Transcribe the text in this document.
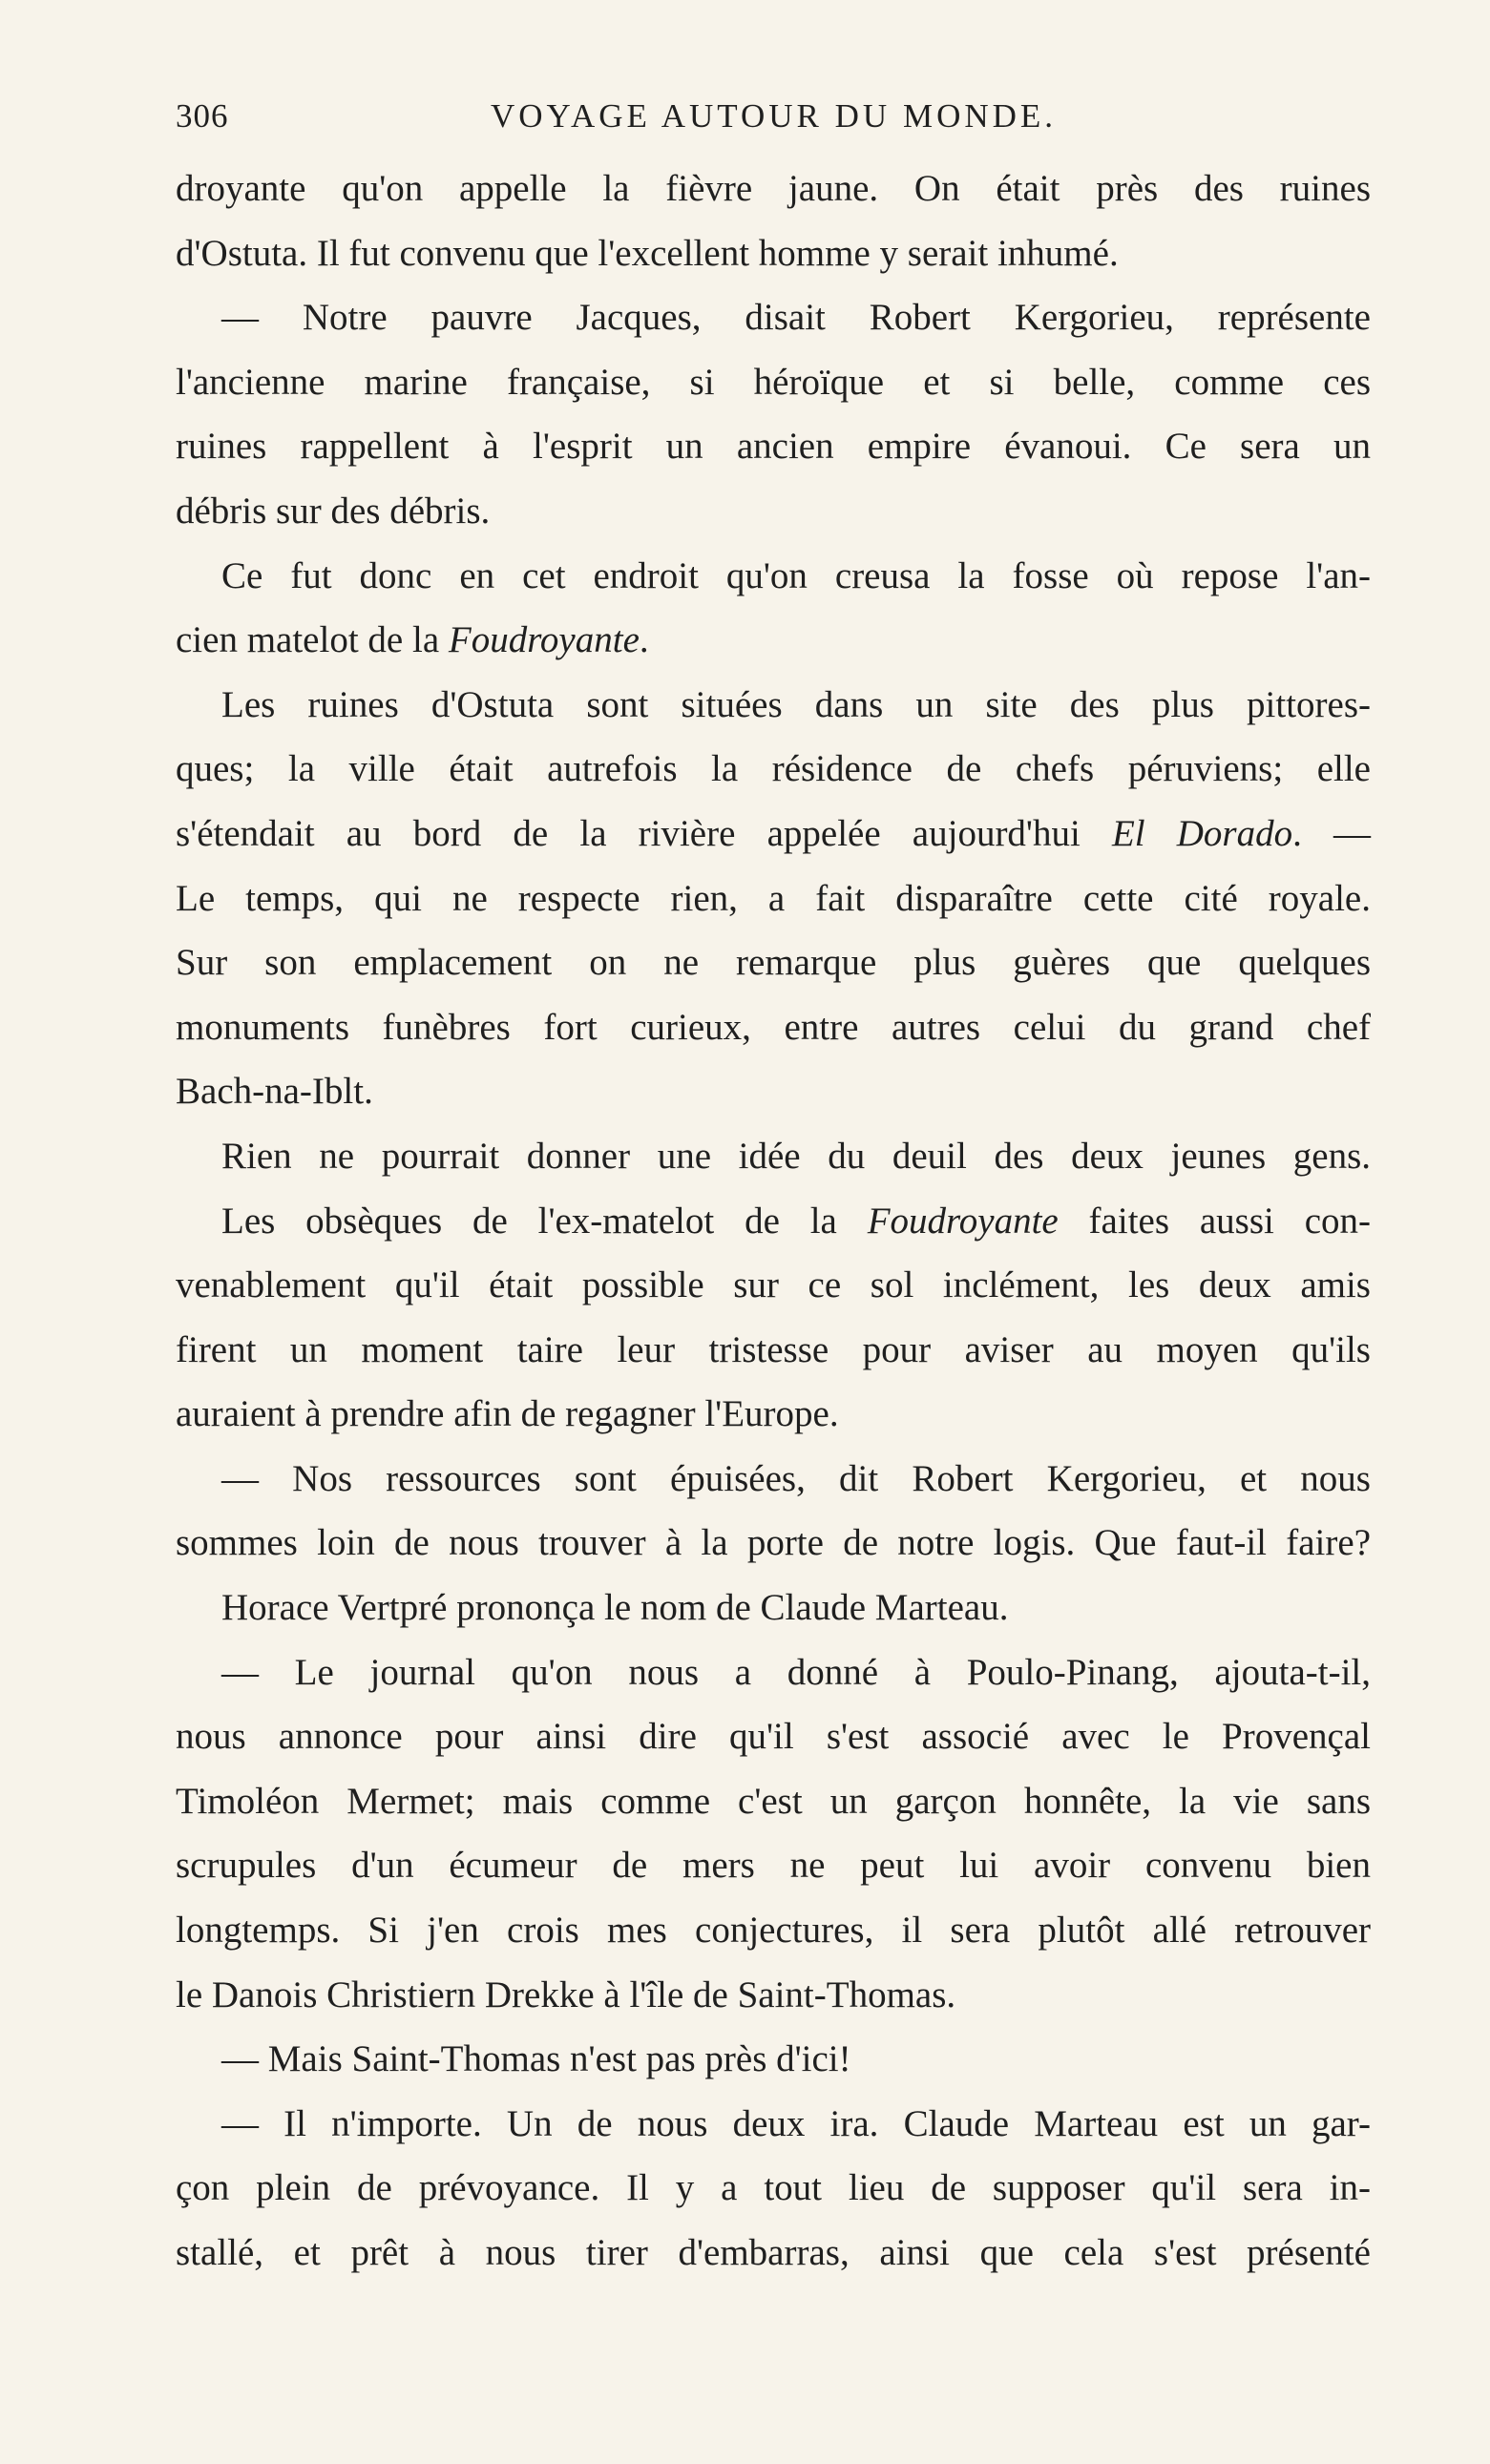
306	VOYAGE AUTOUR DU MONDE.
droyante qu'on appelle la fièvre jaune. On était près des ruines
d'Ostuta. Il fut convenu que l'excellent homme y serait inhumé.
— Notre pauvre Jacques, disait Robert Kergorieu, représente
l'ancienne marine française, si héroïque et si belle, comme ces
ruines rappellent à l'esprit un ancien empire évanoui. Ce sera un
débris sur des débris.
Ce fut donc en cet endroit qu'on creusa la fosse où repose l'an-
cien matelot de la Foudroyante.
Les ruines d'Ostuta sont situées dans un site des plus pittores-
ques; la ville était autrefois la résidence de chefs péruviens; elle
s'étendait au bord de la rivière appelée aujourd'hui El Dorado. —
Le temps, qui ne respecte rien, a fait disparaître cette cité royale.
Sur son emplacement on ne remarque plus guères que quelques
monuments funèbres fort curieux, entre autres celui du grand chef
Bach-na-Iblt.
Rien ne pourrait donner une idée du deuil des deux jeunes gens.
Les obsèques de l'ex-matelot de la Foudroyante faites aussi con-
venablement qu'il était possible sur ce sol inclément, les deux amis
firent un moment taire leur tristesse pour aviser au moyen qu'ils
auraient à prendre afin de regagner l'Europe.
— Nos ressources sont épuisées, dit Robert Kergorieu, et nous
sommes loin de nous trouver à la porte de notre logis. Que faut-il faire?
Horace Vertpré prononça le nom de Claude Marteau.
— Le journal qu'on nous a donné à Poulo-Pinang, ajouta-t-il,
nous annonce pour ainsi dire qu'il s'est associé avec le Provençal
Timoléon Mermet; mais comme c'est un garçon honnête, la vie sans
scrupules d'un écumeur de mers ne peut lui avoir convenu bien
longtemps. Si j'en crois mes conjectures, il sera plutôt allé retrouver
le Danois Christiern Drekke à l'île de Saint-Thomas.
— Mais Saint-Thomas n'est pas près d'ici!
— Il n'importe. Un de nous deux ira. Claude Marteau est un gar-
çon plein de prévoyance. Il y a tout lieu de supposer qu'il sera in-
stallé, et prêt à nous tirer d'embarras, ainsi que cela s'est présenté
